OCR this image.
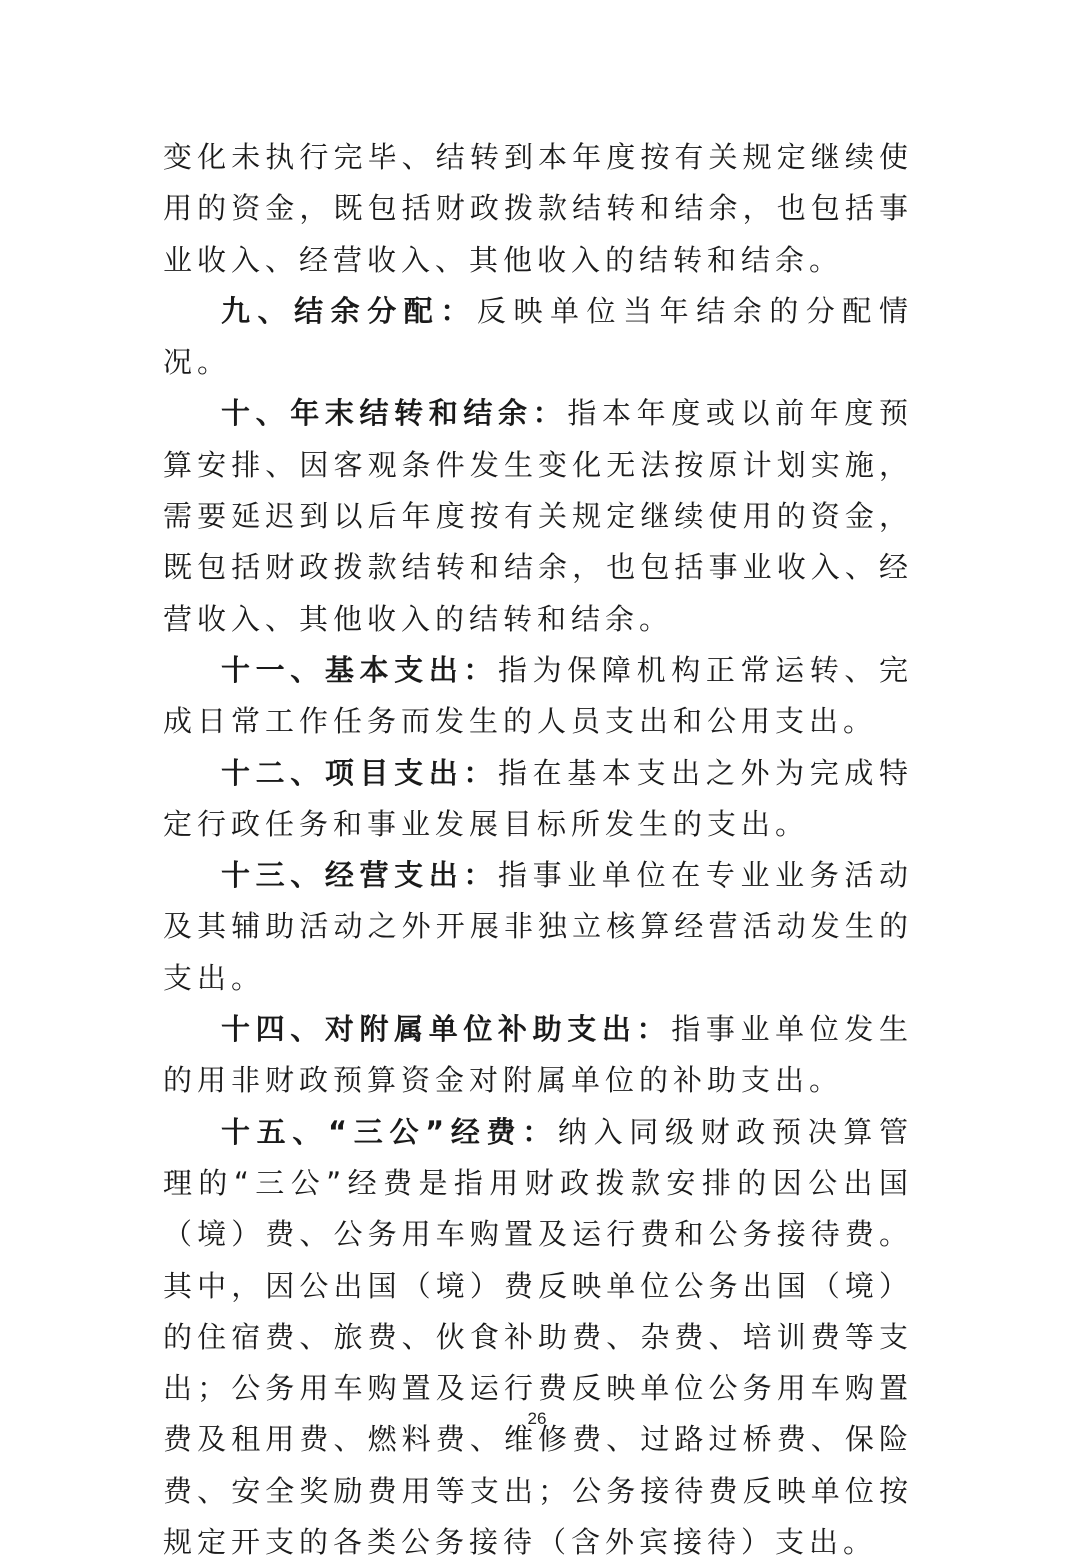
变化未执行完毕、结转到本年度按有关规定继续使用的资金，既包括财政拨款结转和结余，也包括事业收入、经营收入、其他收入的结转和结余。

九、结余分配：反映单位当年结余的分配情况。

十、年末结转和结余：指本年度或以前年度预算安排、因客观条件发生变化无法按原计划实施，需要延迟到以后年度按有关规定继续使用的资金，既包括财政拨款结转和结余，也包括事业收入、经营收入、其他收入的结转和结余。

十一、基本支出：指为保障机构正常运转、完成日常工作任务而发生的人员支出和公用支出。

十二、项目支出：指在基本支出之外为完成特定行政任务和事业发展目标所发生的支出。

十三、经营支出：指事业单位在专业业务活动及其辅助活动之外开展非独立核算经营活动发生的支出。

十四、对附属单位补助支出：指事业单位发生的用非财政预算资金对附属单位的补助支出。

十五、“三公”经费：纳入同级财政预决算管理的“三公”经费是指用财政拨款安排的因公出国（境）费、公务用车购置及运行费和公务接待费。其中，因公出国（境）费反映单位公务出国（境）的住宿费、旅费、伙食补助费、杂费、培训费等支出；公务用车购置及运行费反映单位公务用车购置费及租用费、燃料费、维修费、过路过桥费、保险费、安全奖励费用等支出；公务接待费反映单位按规定开支的各类公务接待（含外宾接待）支出。

26
